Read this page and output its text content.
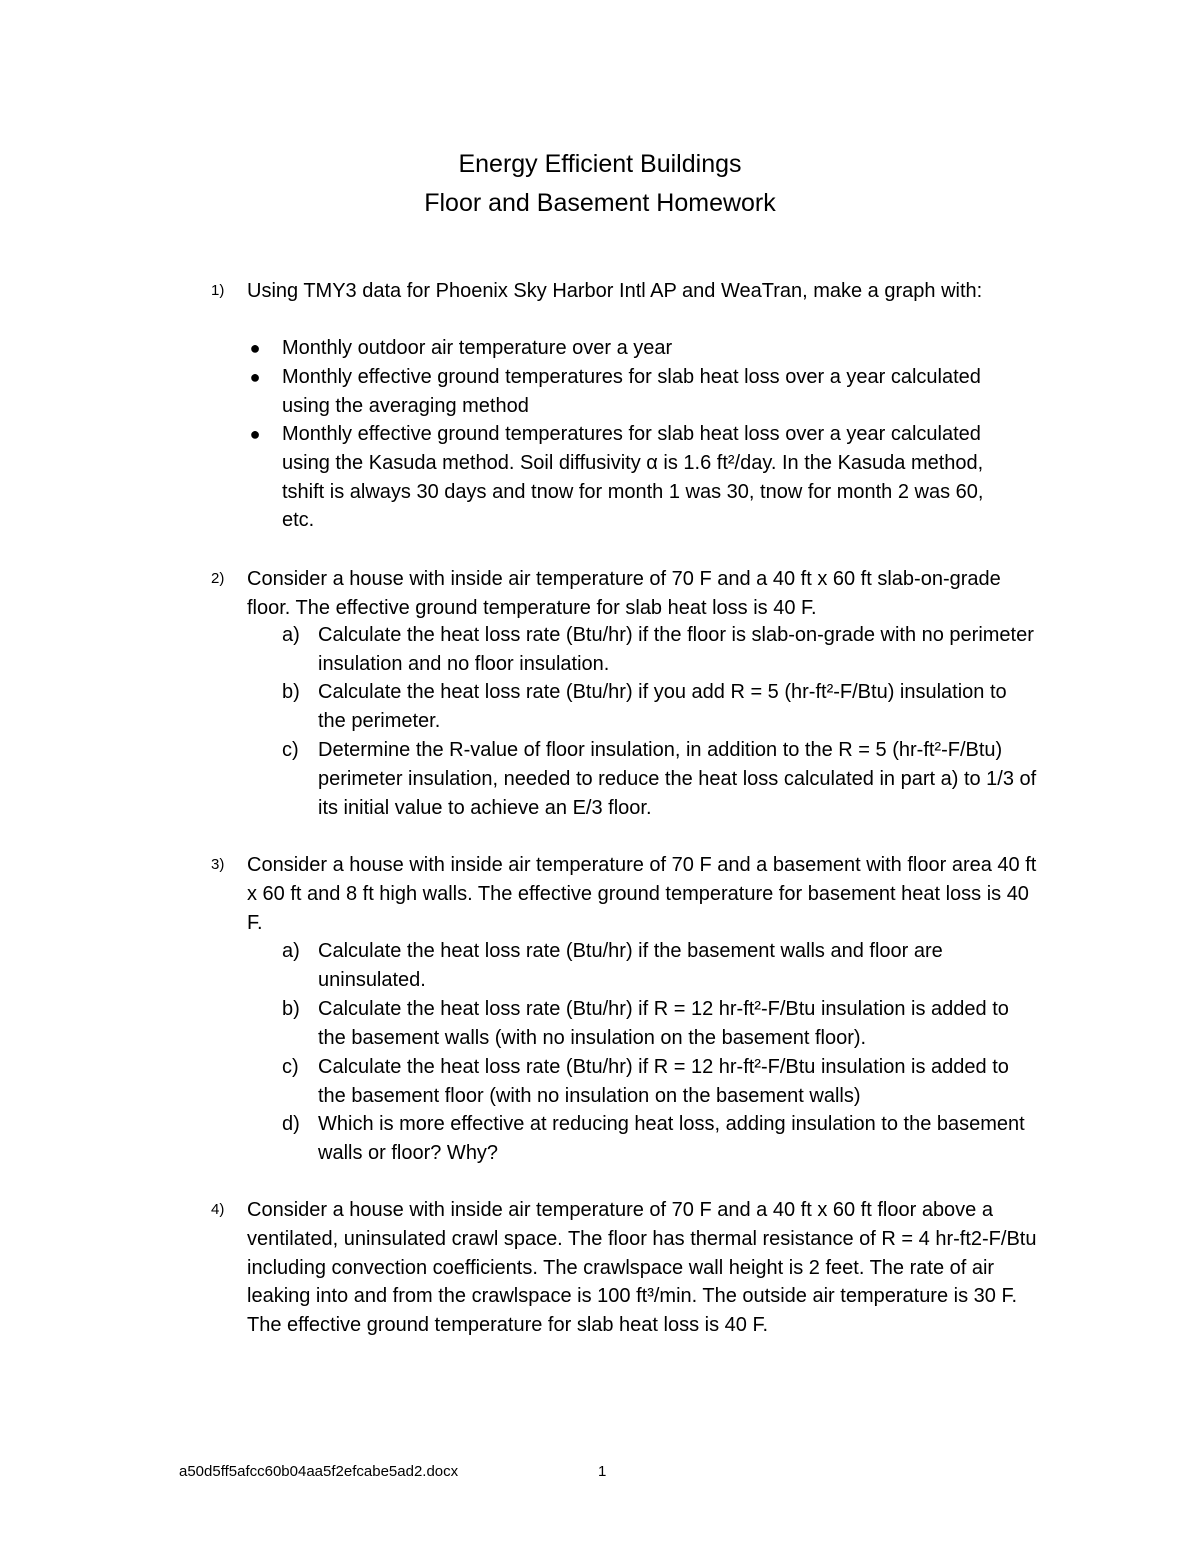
Energy Efficient Buildings
Floor and Basement Homework
1) Using TMY3 data for Phoenix Sky Harbor Intl AP and WeaTran, make a graph with:
● Monthly outdoor air temperature over a year
● Monthly effective ground temperatures for slab heat loss over a year calculated using the averaging method
● Monthly effective ground temperatures for slab heat loss over a year calculated using the Kasuda method. Soil diffusivity α is 1.6 ft²/day. In the Kasuda method, tshift is always 30 days and tnow for month 1 was 30, tnow for month 2 was 60, etc.
2) Consider a house with inside air temperature of 70 F and a 40 ft x 60 ft slab-on-grade floor. The effective ground temperature for slab heat loss is 40 F.
a) Calculate the heat loss rate (Btu/hr) if the floor is slab-on-grade with no perimeter insulation and no floor insulation.
b) Calculate the heat loss rate (Btu/hr) if you add R = 5 (hr-ft²-F/Btu) insulation to the perimeter.
c) Determine the R-value of floor insulation, in addition to the R = 5 (hr-ft²-F/Btu) perimeter insulation, needed to reduce the heat loss calculated in part a) to 1/3 of its initial value to achieve an E/3 floor.
3) Consider a house with inside air temperature of 70 F and a basement with floor area 40 ft x 60 ft and 8 ft high walls. The effective ground temperature for basement heat loss is 40 F.
a) Calculate the heat loss rate (Btu/hr) if the basement walls and floor are uninsulated.
b) Calculate the heat loss rate (Btu/hr) if R = 12 hr-ft²-F/Btu insulation is added to the basement walls (with no insulation on the basement floor).
c) Calculate the heat loss rate (Btu/hr) if R = 12 hr-ft²-F/Btu insulation is added to the basement floor (with no insulation on the basement walls)
d) Which is more effective at reducing heat loss, adding insulation to the basement walls or floor? Why?
4) Consider a house with inside air temperature of 70 F and a 40 ft x 60 ft floor above a ventilated, uninsulated crawl space. The floor has thermal resistance of R = 4 hr-ft2-F/Btu including convection coefficients. The crawlspace wall height is 2 feet. The rate of air leaking into and from the crawlspace is 100 ft³/min. The outside air temperature is 30 F. The effective ground temperature for slab heat loss is 40 F.
a50d5ff5afcc60b04aa5f2efcabe5ad2.docx	1
